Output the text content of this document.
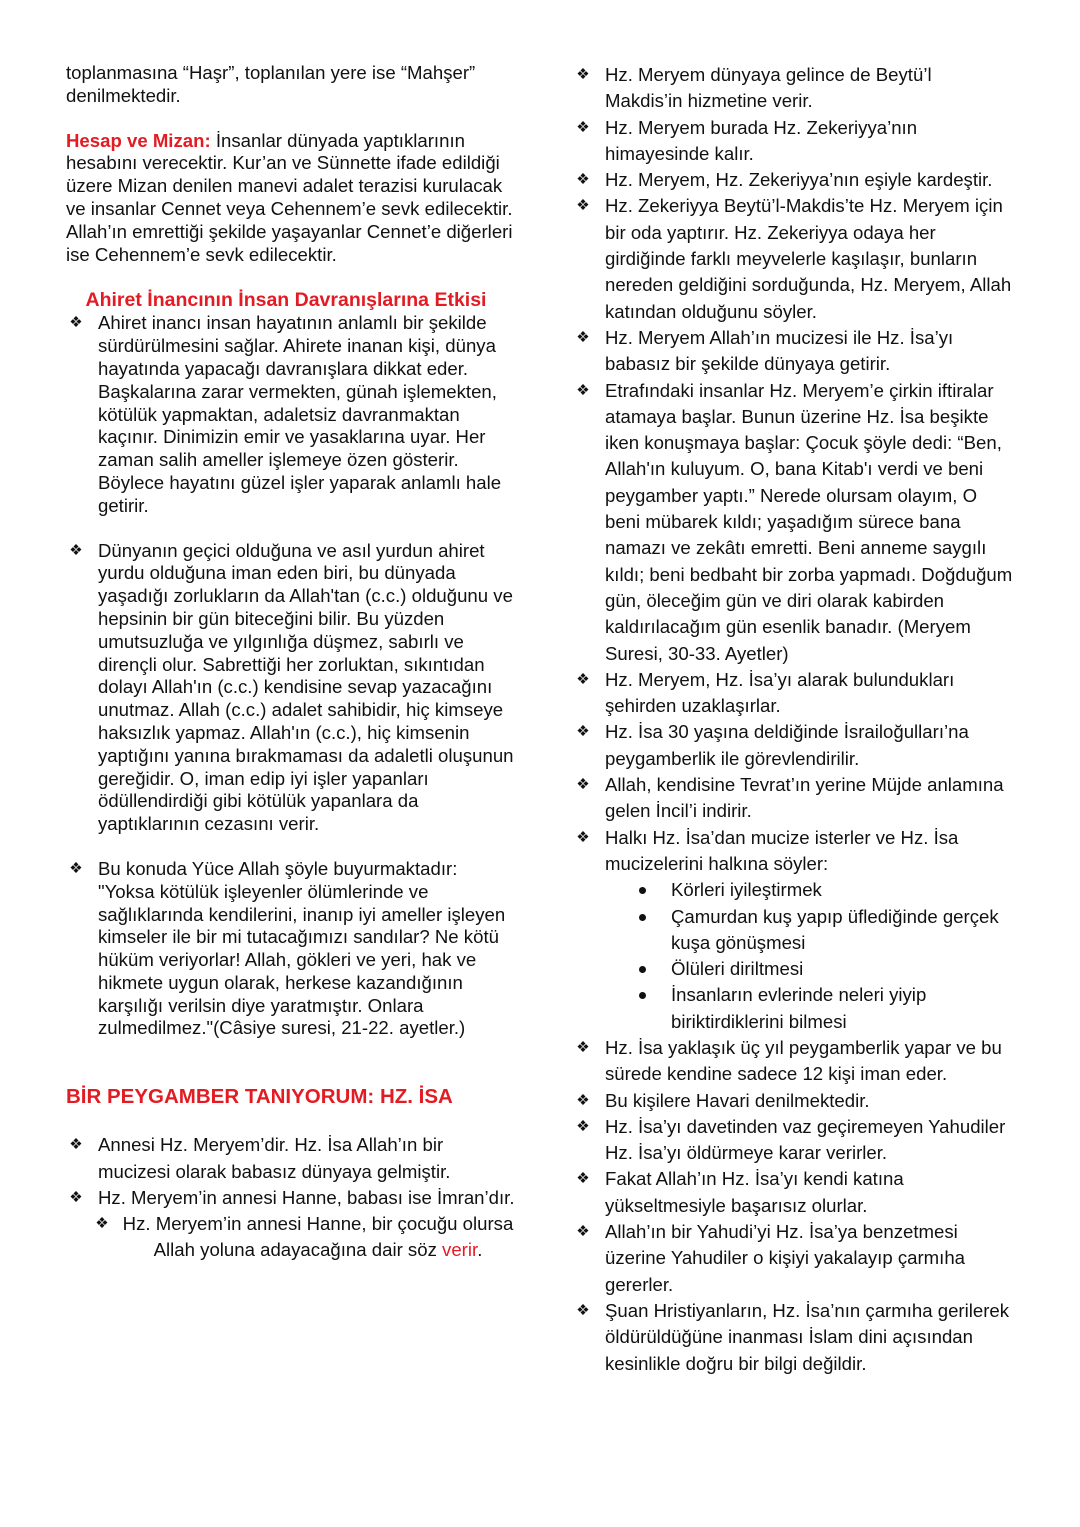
toplanmasına “Haşr”, toplanılan yere ise “Mahşer” denilmektedir.

Hesap ve Mizan: İnsanlar dünyada yaptıklarının hesabını verecektir. Kur’an ve Sünnette ifade edildiği üzere Mizan denilen manevi adalet terazisi kurulacak ve insanlar Cennet veya Cehennem’e sevk edilecektir. Allah’ın emrettiği şekilde yaşayanlar Cennet’e diğerleri ise Cehennem’e sevk edilecektir.

Ahiret İnancının İnsan Davranışlarına Etkisi
❖ Ahiret inancı insan hayatının anlamlı bir şekilde sürdürülmesini sağlar. Ahirete inanan kişi, dünya hayatında yapacağı davranışlara dikkat eder. Başkalarına zarar vermekten, günah işlemekten, kötülük yapmaktan, adaletsiz davranmaktan kaçınır. Dinimizin emir ve yasaklarına uyar. Her zaman salih ameller işlemeye özen gösterir. Böylece hayatını güzel işler yaparak anlamlı hale getirir.
❖ Dünyanın geçici olduğuna ve asıl yurdun ahiret yurdu olduğuna iman eden biri, bu dünyada yaşadığı zorlukların da Allah'tan (c.c.) olduğunu ve hepsinin bir gün biteceğini bilir. Bu yüzden umutsuzluğa ve yılgınlığa düşmez, sabırlı ve dirençli olur. Sabrettiği her zorluktan, sıkıntıdan dolayı Allah'ın (c.c.) kendisine sevap yazacağını unutmaz. Allah (c.c.) adalet sahibidir, hiç kimseye haksızlık yapmaz. Allah'ın (c.c.), hiç kimsenin yaptığını yanına bırakmaması da adaletli oluşunun gereğidir. O, iman edip iyi işler yapanları ödüllendirdiği gibi kötülük yapanlara da yaptıklarının cezasını verir.
❖ Bu konuda Yüce Allah şöyle buyurmaktadır: "Yoksa kötülük işleyenler ölümlerinde ve sağlıklarında kendilerini, inanıp iyi ameller işleyen kimseler ile bir mi tutacağımızı sandılar? Ne kötü hüküm veriyorlar! Allah, gökleri ve yeri, hak ve hikmete uygun olarak, herkese kazandığının karşılığı verilsin diye yaratmıştır. Onlara zulmedilmez."(Câsiye suresi, 21-22. ayetler.)
BİR PEYGAMBER TANIYORUM: HZ. İSA
❖ Annesi Hz. Meryem’dir. Hz. İsa Allah’ın bir mucizesi olarak babasız dünyaya gelmiştir.
❖ Hz. Meryem’in annesi Hanne, babası ise İmran’dır.
❖ Hz. Meryem’in annesi Hanne, bir çocuğu olursa Allah yoluna adayacağına dair söz verir.
❖ Hz. Meryem dünyaya gelince de Beytü’l Makdis’in hizmetine verir.
❖ Hz. Meryem burada Hz. Zekeriyya’nın himayesinde kalır.
❖ Hz. Meryem, Hz. Zekeriyya’nın eşiyle kardeştir.
❖ Hz. Zekeriyya Beytü’l-Makdis’te Hz. Meryem için bir oda yaptırır. Hz. Zekeriyya odaya her girdiğinde farklı meyvelerle kaşılaşır, bunların nereden geldiğini sorduğunda, Hz. Meryem, Allah katından olduğunu söyler.
❖ Hz. Meryem Allah’ın mucizesi ile Hz. İsa’yı babasız bir şekilde dünyaya getirir.
❖ Etrafındaki insanlar Hz. Meryem’e çirkin iftiralar atamaya başlar. Bunun üzerine Hz. İsa beşikte iken konuşmaya başlar: Çocuk şöyle dedi: “Ben, Allah'ın kuluyum. O, bana Kitab'ı verdi ve beni peygamber yaptı.” Nerede olursam olayım, O beni mübarek kıldı; yaşadığım sürece bana namazı ve zekâtı emretti. Beni anneme saygılı kıldı; beni bedbaht bir zorba yapmadı. Doğduğum gün, öleceğim gün ve diri olarak kabirden kaldırılacağım gün esenlik banadır. (Meryem Suresi, 30-33. Ayetler)
❖ Hz. Meryem, Hz. İsa’yı alarak bulundukları şehirden uzaklaşırlar.
❖ Hz. İsa 30 yaşına deldiğinde İsrailoğulları’na peygamberlik ile görevlendirilir.
❖ Allah, kendisine Tevrat’ın yerine Müjde anlamına gelen İncil’i indirir.
❖ Halkı Hz. İsa’dan mucize isterler ve Hz. İsa mucizelerini halkına söyler:
Körleri iyileştirmek
Çamurdan kuş yapıp üflediğinde gerçek kuşa gönüşmesi
Ölüleri diriltmesi
İnsanların evlerinde neleri yiyip biriktirdiklerini bilmesi
❖ Hz. İsa yaklaşık üç yıl peygamberlik yapar ve bu sürede kendine sadece 12 kişi iman eder.
❖ Bu kişilere Havari denilmektedir.
❖ Hz. İsa’yı davetinden vaz geçiremeyen Yahudiler Hz. İsa’yı öldürmeye karar verirler.
❖ Fakat Allah’ın Hz. İsa’yı kendi katına yükseltmesiyle başarısız olurlar.
❖ Allah’ın bir Yahudi’yi Hz. İsa’ya benzetmesi üzerine Yahudiler o kişiyi yakalayıp çarmıha gererler.
❖ Şuan Hristiyanların, Hz. İsa’nın çarmıha gerilerek öldürüldüğüne inanması İslam dini açısından kesinlikle doğru bir bilgi değildir.
